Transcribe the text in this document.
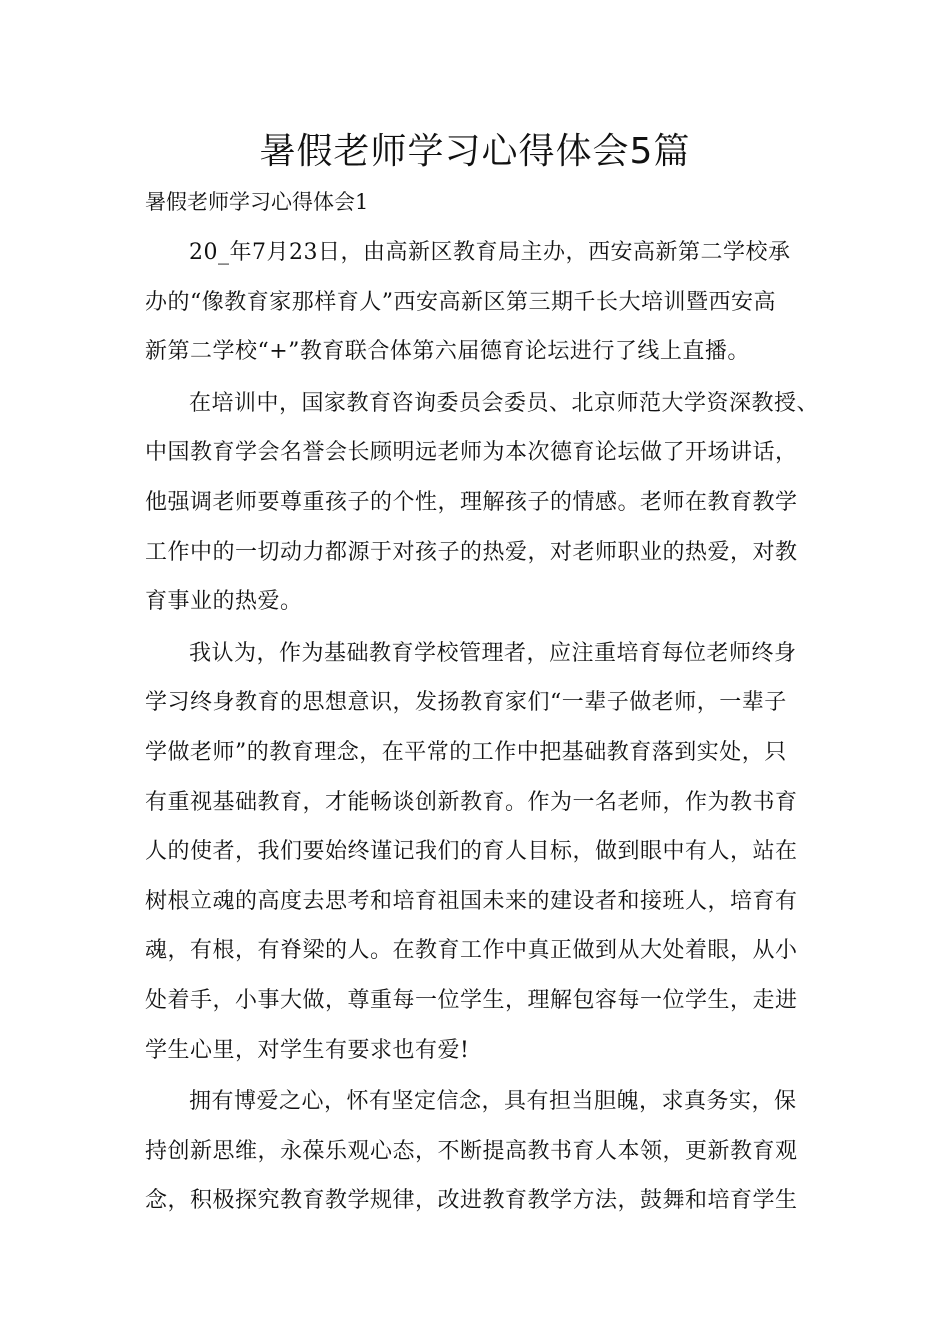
暑假老师学习心得体会5篇
暑假老师学习心得体会1

20_年7月23日，由高新区教育局主办，西安高新第二学校承
办的“像教育家那样育人”西安高新区第三期千长大培训暨西安高
新第二学校“+”教育联合体第六届德育论坛进行了线上直播。

在培训中，国家教育咨询委员会委员、北京师范大学资深教授、
中国教育学会名誉会长顾明远老师为本次德育论坛做了开场讲话，
他强调老师要尊重孩子的个性，理解孩子的情感。老师在教育教学
工作中的一切动力都源于对孩子的热爱，对老师职业的热爱，对教
育事业的热爱。

我认为，作为基础教育学校管理者，应注重培育每位老师终身
学习终身教育的思想意识，发扬教育家们“一辈子做老师，一辈子
学做老师”的教育理念，在平常的工作中把基础教育落到实处，只
有重视基础教育，才能畅谈创新教育。作为一名老师，作为教书育
人的使者，我们要始终谨记我们的育人目标，做到眼中有人，站在
树根立魂的高度去思考和培育祖国未来的建设者和接班人，培育有
魂，有根，有脊梁的人。在教育工作中真正做到从大处着眼，从小
处着手，小事大做，尊重每一位学生，理解包容每一位学生，走进
学生心里，对学生有要求也有爱!

拥有博爱之心，怀有坚定信念，具有担当胆魄，求真务实，保
持创新思维，永葆乐观心态，不断提高教书育人本领，更新教育观
念，积极探究教育教学规律，改进教育教学方法，鼓舞和培育学生
